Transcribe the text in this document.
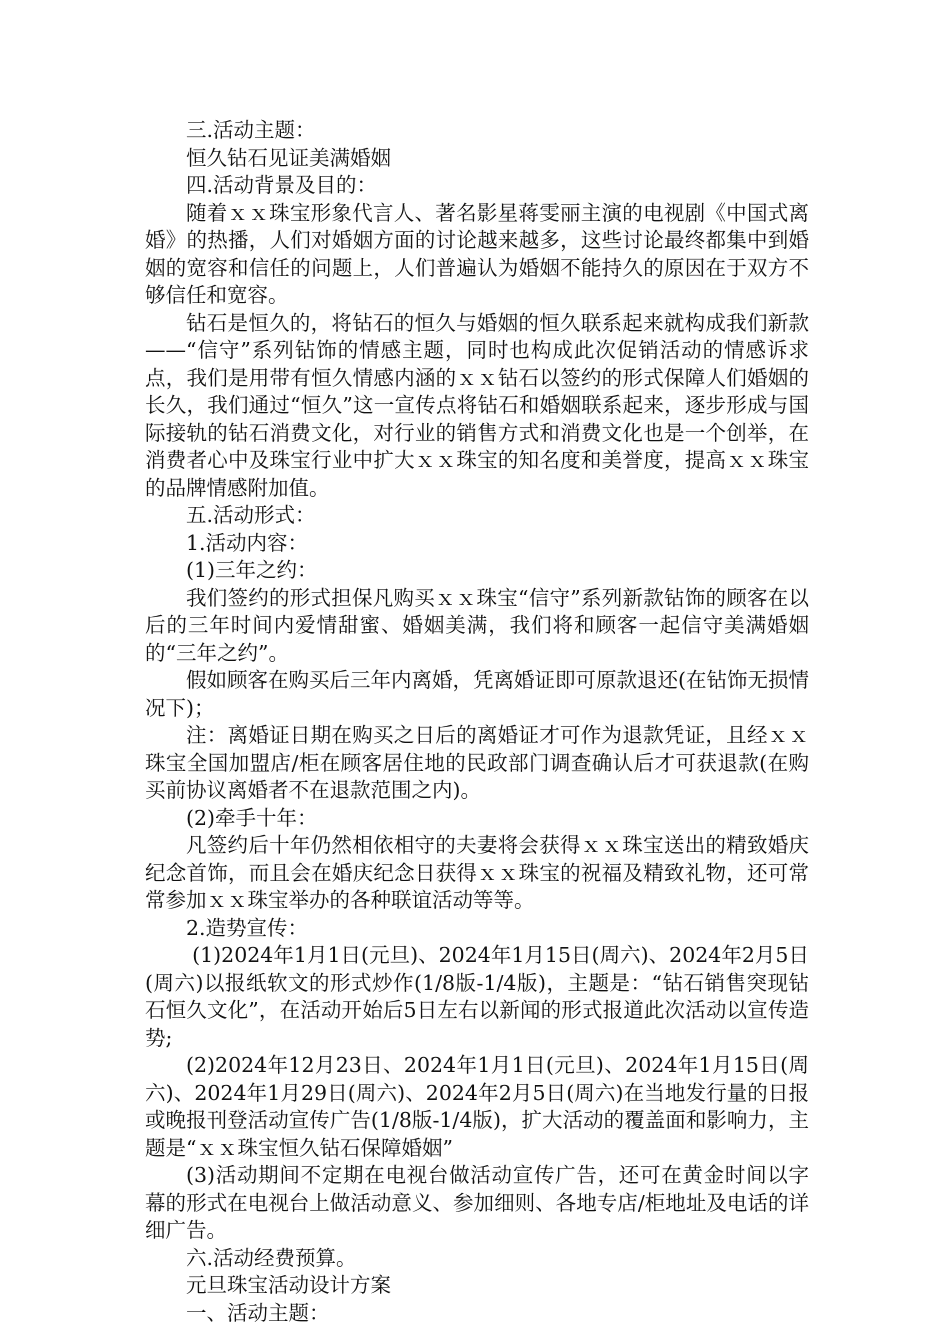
三.活动主题：

恒久钻石见证美满婚姻

四.活动背景及目的：

随着ｘｘ珠宝形象代言人、著名影星蒋雯丽主演的电视剧《中国式离婚》的热播，人们对婚姻方面的讨论越来越多，这些讨论最终都集中到婚姻的宽容和信任的问题上，人们普遍认为婚姻不能持久的原因在于双方不够信任和宽容。

钻石是恒久的，将钻石的恒久与婚姻的恒久联系起来就构成我们新款——“信守”系列钻饰的情感主题，同时也构成此次促销活动的情感诉求点，我们是用带有恒久情感内涵的ｘｘ钻石以签约的形式保障人们婚姻的长久，我们通过“恒久”这一宣传点将钻石和婚姻联系起来，逐步形成与国际接轨的钻石消费文化，对行业的销售方式和消费文化也是一个创举，在消费者心中及珠宝行业中扩大ｘｘ珠宝的知名度和美誉度，提高ｘｘ珠宝的品牌情感附加值。

五.活动形式：

1.活动内容：

(1)三年之约：

我们签约的形式担保凡购买ｘｘ珠宝“信守”系列新款钻饰的顾客在以后的三年时间内爱情甜蜜、婚姻美满，我们将和顾客一起信守美满婚姻的“三年之约”。

假如顾客在购买后三年内离婚，凭离婚证即可原款退还(在钻饰无损情况下)；

注：离婚证日期在购买之日后的离婚证才可作为退款凭证，且经ｘｘ珠宝全国加盟店/柜在顾客居住地的民政部门调查确认后才可获退款(在购买前协议离婚者不在退款范围之内)。

(2)牵手十年：

凡签约后十年仍然相依相守的夫妻将会获得ｘｘ珠宝送出的精致婚庆纪念首饰，而且会在婚庆纪念日获得ｘｘ珠宝的祝福及精致礼物，还可常常参加ｘｘ珠宝举办的各种联谊活动等等。

2.造势宣传：

(1)2024年1月1日(元旦)、2024年1月15日(周六)、2024年2月5日(周六)以报纸软文的形式炒作(1/8版-1/4版)，主题是：“钻石销售突现钻石恒久文化”，在活动开始后5日左右以新闻的形式报道此次活动以宣传造势;

(2)2024年12月23日、2024年1月1日(元旦)、2024年1月15日(周六)、2024年1月29日(周六)、2024年2月5日(周六)在当地发行量的日报或晚报刊登活动宣传广告(1/8版-1/4版)，扩大活动的覆盖面和影响力，主题是“ｘｘ珠宝恒久钻石保障婚姻”

(3)活动期间不定期在电视台做活动宣传广告，还可在黄金时间以字幕的形式在电视台上做活动意义、参加细则、各地专店/柜地址及电话的详细广告。

六.活动经费预算。

元旦珠宝活动设计方案

一、活动主题：
